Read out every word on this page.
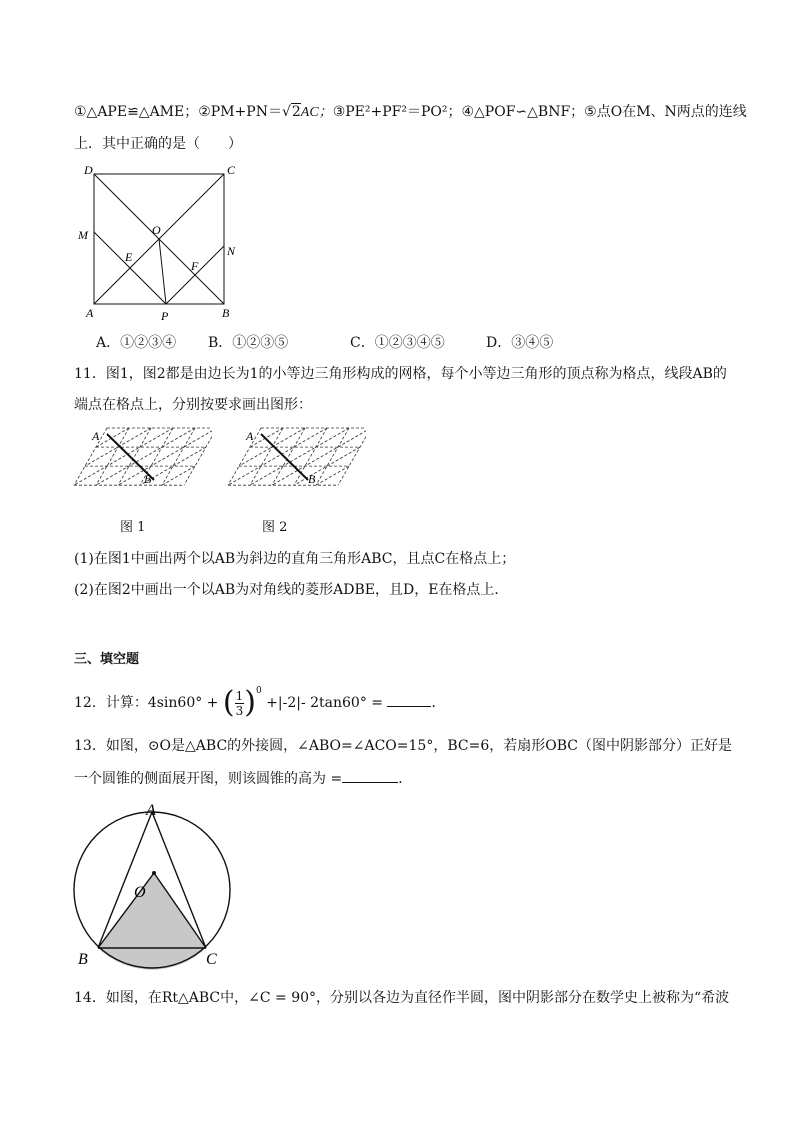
①△APE≌△AME；②PM+PN＝√2AC；③PE²+PF²＝PO²；④△POF∽△BNF；⑤点O在M、N两点的连线
上．其中正确的是（　　）
D	C
M	O
N
E
F
A	P	B
A．①②③④ B．①②③⑤	C．①②③④⑤	D．③④⑤
11．图1，图2都是由边长为1的小等边三角形构成的网格，每个小等边三角形的顶点称为格点，线段AB的
端点在格点上，分别按要求画出图形：
A
B
图 1
A
B
图 2
(1)在图1中画出两个以AB为斜边的直角三角形ABC，且点C在格点上；
(2)在图2中画出一个以AB为对角线的菱形ADBE，且D，E在格点上．
三、填空题
12．计算：4sin60° + ( $\frac{1}{3} )^0 +|-2|-$ 2tan60° =	．
13．如图，⊙O是△ABC的外接圆，∠ABO=∠ACO=15°，BC=6，若扇形OBC（图中阴影部分）正好是
一个圆锥的侧面展开图，则该圆锥的高为 =	．
A
O
B	C
14．如图，在Rt△ABC中，∠C = 90°，分别以各边为直径作半圆，图中阴影部分在数学史上被称为“希波
